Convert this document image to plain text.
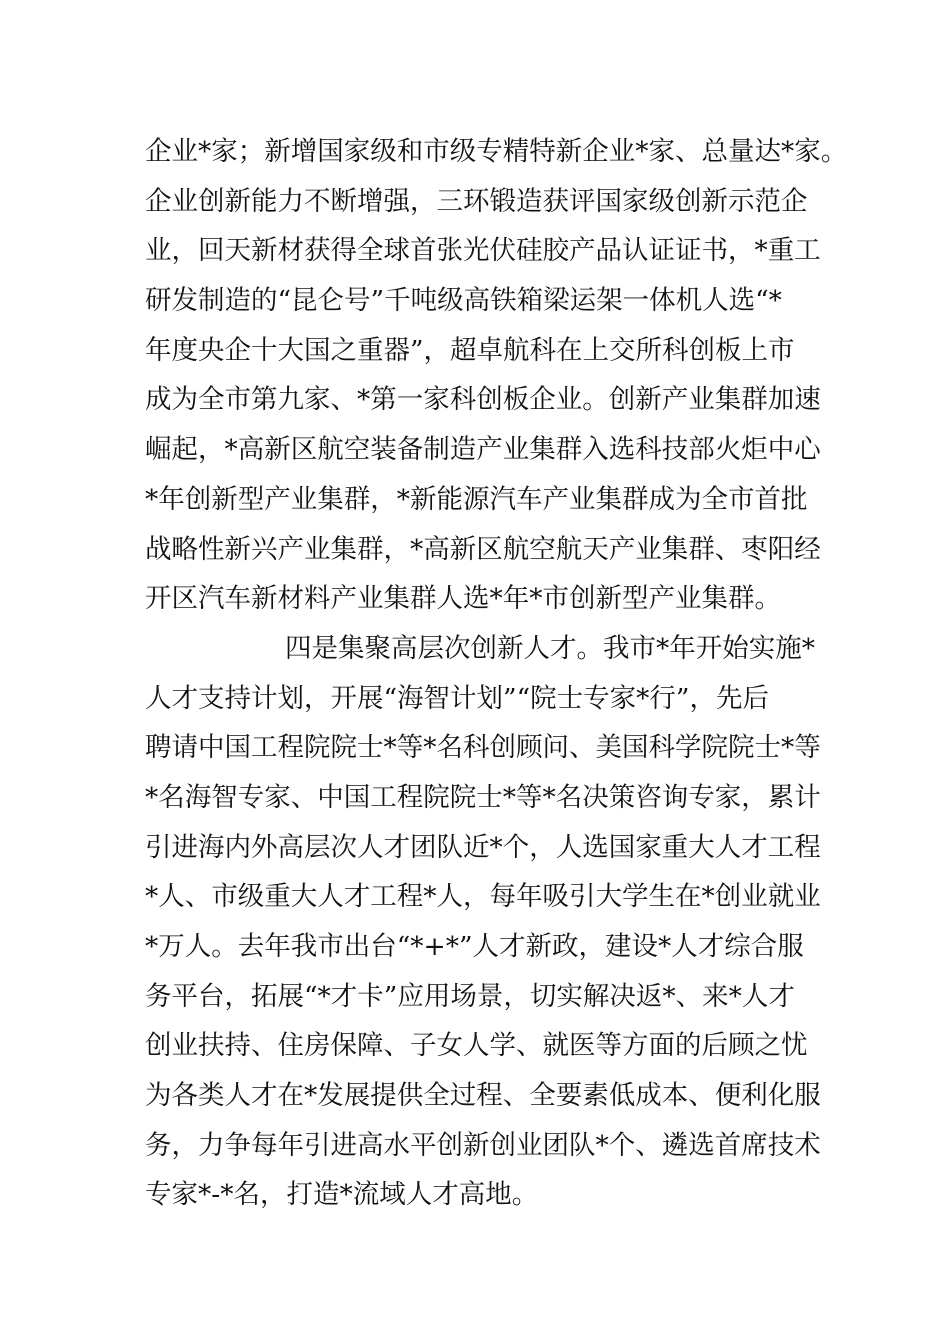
企业*家；新增国家级和市级专精特新企业*家、总量达*家。
企业创新能力不断增强，三环锻造获评国家级创新示范企
业，回天新材获得全球首张光伏硅胶产品认证证书，*重工
研发制造的“昆仑号”千吨级高铁箱梁运架一体机人选“*
年度央企十大国之重器”，超卓航科在上交所科创板上市
成为全市第九家、*第一家科创板企业。创新产业集群加速
崛起，*高新区航空装备制造产业集群入选科技部火炬中心
*年创新型产业集群，*新能源汽车产业集群成为全市首批
战略性新兴产业集群，*高新区航空航天产业集群、枣阳经
开区汽车新材料产业集群人选*年*市创新型产业集群。
四是集聚高层次创新人才。我市*年开始实施*
人才支持计划，开展“海智计划”“院士专家*行”，先后
聘请中国工程院院士*等*名科创顾问、美国科学院院士*等
*名海智专家、中国工程院院士*等*名决策咨询专家，累计
引进海内外高层次人才团队近*个，人选国家重大人才工程
*人、市级重大人才工程*人，每年吸引大学生在*创业就业
*万人。去年我市出台“*+*”人才新政，建设*人才综合服
务平台，拓展“*才卡”应用场景，切实解决返*、来*人才
创业扶持、住房保障、子女人学、就医等方面的后顾之忧
为各类人才在*发展提供全过程、全要素低成本、便利化服
务，力争每年引进高水平创新创业团队*个、遴选首席技术
专家*-*名，打造*流域人才高地。
